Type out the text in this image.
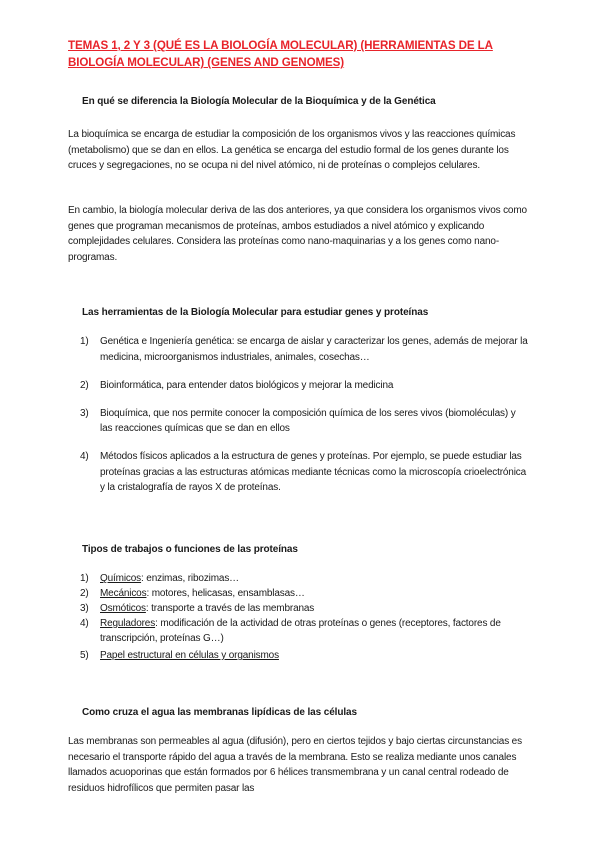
TEMAS 1, 2 Y 3 (QUÉ ES LA BIOLOGÍA MOLECULAR) (HERRAMIENTAS DE LA BIOLOGÍA MOLECULAR) (GENES AND GENOMES)
En qué se diferencia la Biología Molecular de la Bioquímica y de la Genética
La bioquímica se encarga de estudiar la composición de los organismos vivos y las reacciones químicas (metabolismo) que se dan en ellos. La genética se encarga del estudio formal de los genes durante los cruces y segregaciones, no se ocupa ni del nivel atómico, ni de proteínas o complejos celulares.
En cambio, la biología molecular deriva de las dos anteriores, ya que considera los organismos vivos como genes que programan mecanismos de proteínas, ambos estudiados a nivel atómico y explicando complejidades celulares. Considera las proteínas como nano-maquinarias y a los genes como nano-programas.
Las herramientas de la Biología Molecular para estudiar genes y proteínas
1) Genética e Ingeniería genética: se encarga de aislar y caracterizar los genes, además de mejorar la medicina, microorganismos industriales, animales, cosechas…
2) Bioinformática, para entender datos biológicos y mejorar la medicina
3) Bioquímica, que nos permite conocer la composición química de los seres vivos (biomoléculas) y las reacciones químicas que se dan en ellos
4) Métodos físicos aplicados a la estructura de genes y proteínas. Por ejemplo, se puede estudiar las proteínas gracias a las estructuras atómicas mediante técnicas como la microscopía crioelectrónica y la cristalografía de rayos X de proteínas.
Tipos de trabajos o funciones de las proteínas
1) Químicos: enzimas, ribozimas…
2) Mecánicos: motores, helicasas, ensamblasas…
3) Osmóticos: transporte a través de las membranas
4) Reguladores: modificación de la actividad de otras proteínas o genes (receptores, factores de transcripción, proteínas G…)
5) Papel estructural en células y organismos
Como cruza el agua las membranas lipídicas de las células
Las membranas son permeables al agua (difusión), pero en ciertos tejidos y bajo ciertas circunstancias es necesario el transporte rápido del agua a través de la membrana. Esto se realiza mediante unos canales llamados acuoporinas que están formados por 6 hélices transmembrana y un canal central rodeado de residuos hidrofílicos que permiten pasar las
